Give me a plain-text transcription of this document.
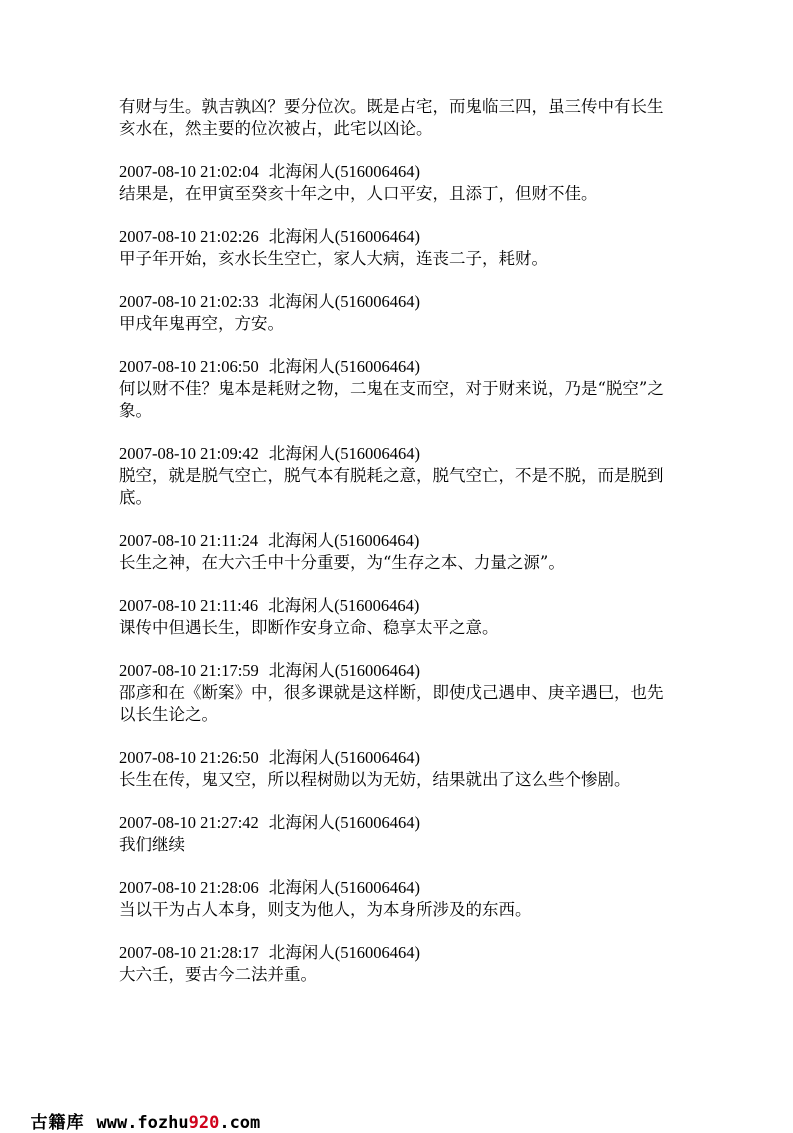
有财与生。孰吉孰凶？要分位次。既是占宅，而鬼临三四，虽三传中有长生亥水在，然主要的位次被占，此宅以凶论。

2007-08-10 21:02:04 北海闲人(516006464)

结果是，在甲寅至癸亥十年之中，人口平安，且添丁，但财不佳。

2007-08-10 21:02:26 北海闲人(516006464)

甲子年开始，亥水长生空亡，家人大病，连丧二子，耗财。

2007-08-10 21:02:33 北海闲人(516006464)

甲戌年鬼再空，方安。

2007-08-10 21:06:50 北海闲人(516006464)

何以财不佳？鬼本是耗财之物，二鬼在支而空，对于财来说，乃是“脱空”之象。

2007-08-10 21:09:42 北海闲人(516006464)

脱空，就是脱气空亡，脱气本有脱耗之意，脱气空亡，不是不脱，而是脱到底。

2007-08-10 21:11:24 北海闲人(516006464)

长生之神，在大六壬中十分重要，为“生存之本、力量之源”。

2007-08-10 21:11:46 北海闲人(516006464)

课传中但遇长生，即断作安身立命、稳享太平之意。

2007-08-10 21:17:59 北海闲人(516006464)

邵彦和在《断案》中，很多课就是这样断，即使戊己遇申、庚辛遇巳，也先以长生论之。

2007-08-10 21:26:50 北海闲人(516006464)

长生在传，鬼又空，所以程树勋以为无妨，结果就出了这么些个惨剧。

2007-08-10 21:27:42 北海闲人(516006464)

我们继续

2007-08-10 21:28:06 北海闲人(516006464)

当以干为占人本身，则支为他人，为本身所涉及的东西。

2007-08-10 21:28:17 北海闲人(516006464)

大六壬，要古今二法并重。

古籍库 www.fozhu920.com
